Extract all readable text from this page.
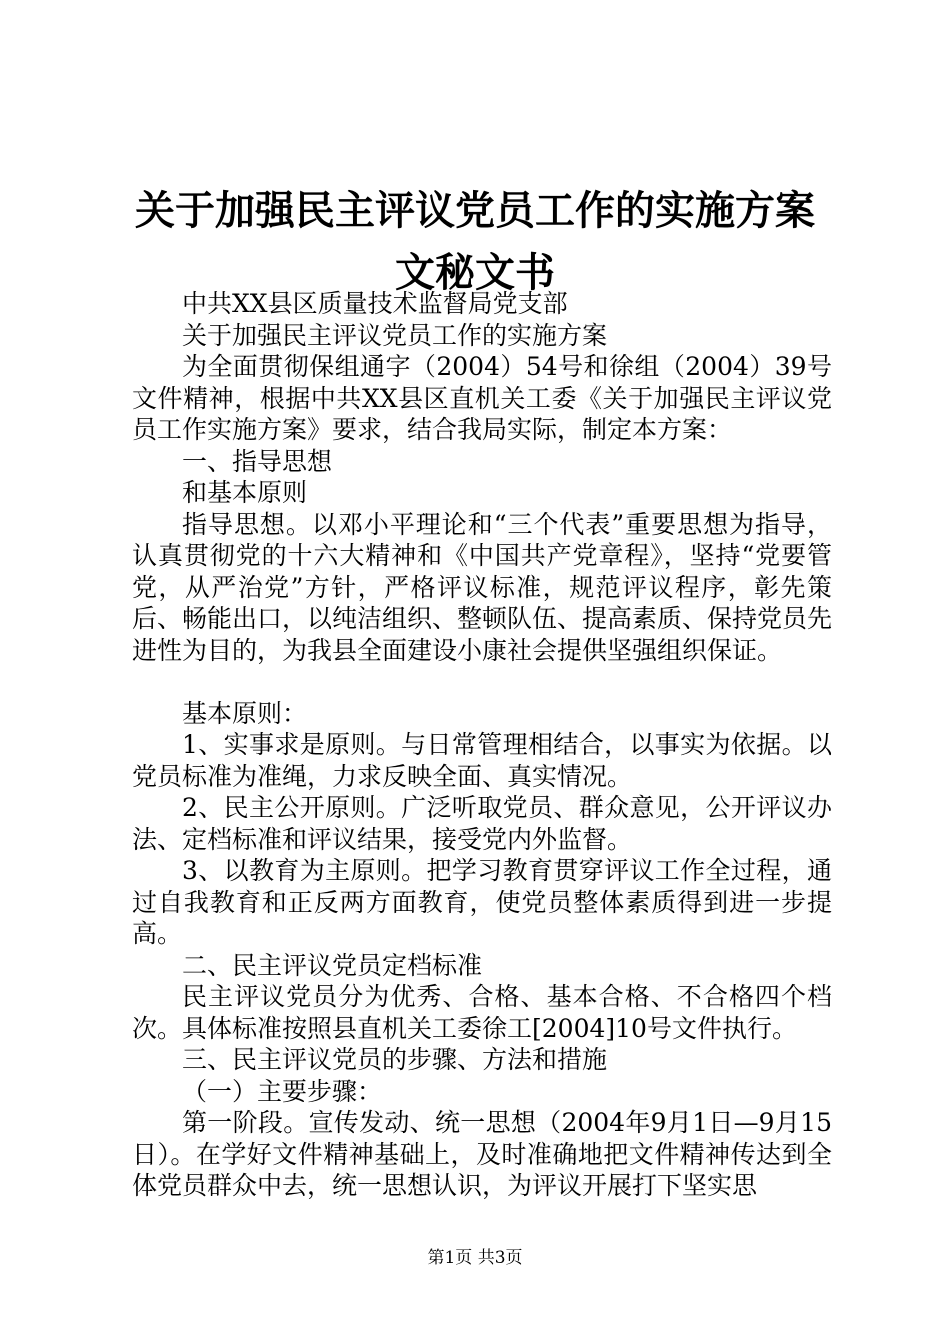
关于加强民主评议党员工作的实施方案文秘文书

中共XX县区质量技术监督局党支部

关于加强民主评议党员工作的实施方案

为全面贯彻保组通字（2004）54号和徐组（2004）39号文件精神，根据中共XX县区直机关工委《关于加强民主评议党员工作实施方案》要求，结合我局实际，制定本方案：

一、指导思想

和基本原则

指导思想。以邓小平理论和“三个代表”重要思想为指导，认真贯彻党的十六大精神和《中国共产党章程》，坚持“党要管党，从严治党”方针，严格评议标准，规范评议程序，彰先策后、畅能出口，以纯洁组织、整顿队伍、提高素质、保持党员先进性为目的，为我县全面建设小康社会提供坚强组织保证。

基本原则：

1、实事求是原则。与日常管理相结合，以事实为依据。以党员标准为准绳，力求反映全面、真实情况。

2、民主公开原则。广泛听取党员、群众意见，公开评议办法、定档标准和评议结果，接受党内外监督。

3、以教育为主原则。把学习教育贯穿评议工作全过程，通过自我教育和正反两方面教育，使党员整体素质得到进一步提高。

二、民主评议党员定档标准

民主评议党员分为优秀、合格、基本合格、不合格四个档次。具体标准按照县直机关工委徐工[2004]10号文件执行。

三、民主评议党员的步骤、方法和措施

（一）主要步骤：

第一阶段。宣传发动、统一思想（2004年9月1日—9月15日）。在学好文件精神基础上，及时准确地把文件精神传达到全体党员群众中去，统一思想认识，为评议开展打下坚实思

第1页 共3页
